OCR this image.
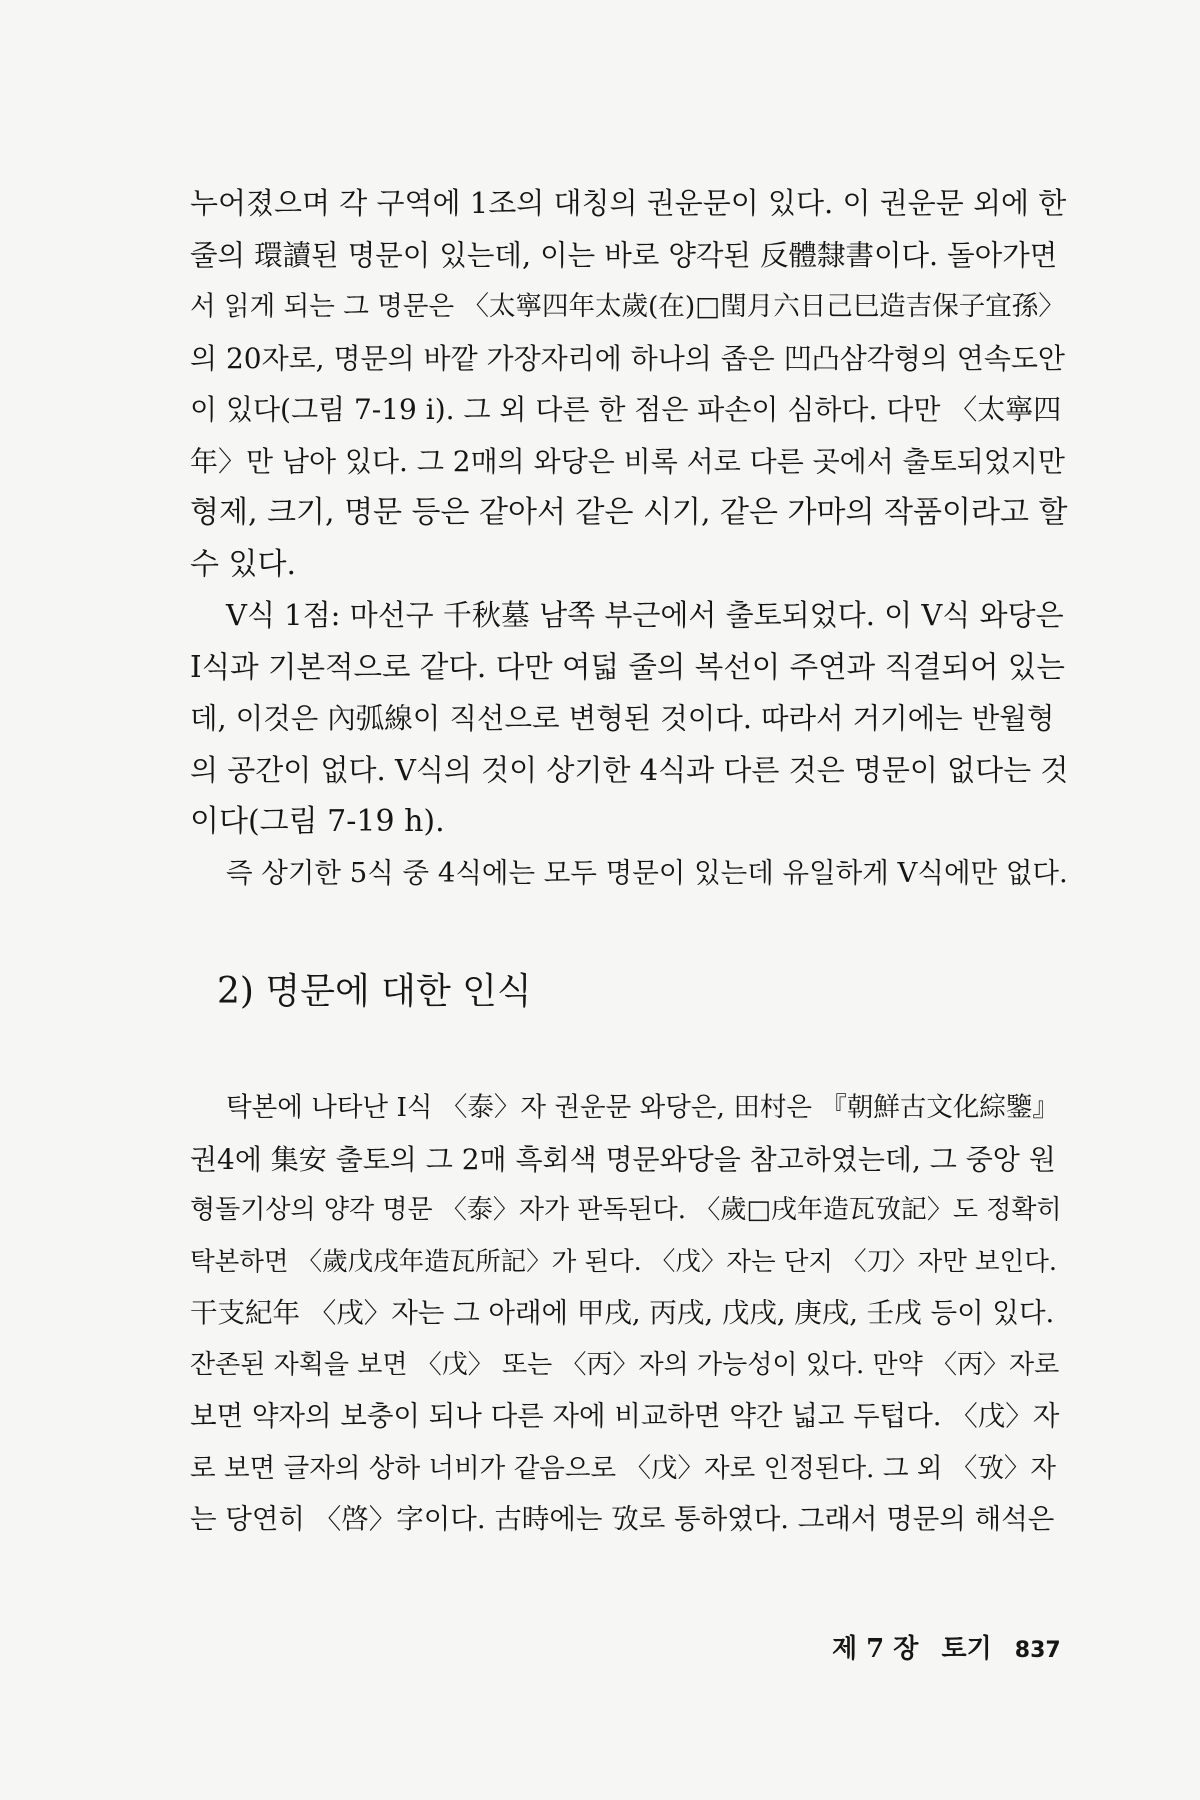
누어졌으며 각 구역에 1조의 대칭의 권운문이 있다. 이 권운문 외에 한
줄의 環讀된 명문이 있는데, 이는 바로 양각된 反體隸書이다. 돌아가면
서 읽게 되는 그 명문은 〈太寧四年太歲(在)□閏月六日己巳造吉保子宜孫〉
의 20자로, 명문의 바깥 가장자리에 하나의 좁은 凹凸삼각형의 연속도안
이 있다(그림 7-19 i). 그 외 다른 한 점은 파손이 심하다. 다만 〈太寧四
年〉만 남아 있다. 그 2매의 와당은 비록 서로 다른 곳에서 출토되었지만
형제, 크기, 명문 등은 같아서 같은 시기, 같은 가마의 작품이라고 할
수 있다.

Ⅴ식 1점: 마선구 千秋墓 남쪽 부근에서 출토되었다. 이 Ⅴ식 와당은
Ⅰ식과 기본적으로 같다. 다만 여덟 줄의 복선이 주연과 직결되어 있는
데, 이것은 內弧線이 직선으로 변형된 것이다. 따라서 거기에는 반월형
의 공간이 없다. Ⅴ식의 것이 상기한 4식과 다른 것은 명문이 없다는 것
이다(그림 7-19 h).

즉 상기한 5식 중 4식에는 모두 명문이 있는데 유일하게 Ⅴ식에만 없다.

2) 명문에 대한 인식

탁본에 나타난 Ⅰ식 〈泰〉자 권운문 와당은, 田村은 『朝鮮古文化綜鑒』
권4에 集安 출토의 그 2매 흑회색 명문와당을 참고하였는데, 그 중앙 원
형돌기상의 양각 명문 〈泰〉자가 판독된다. 〈歲□戌年造瓦攷記〉도 정확히
탁본하면 〈歲戊戌年造瓦所記〉가 된다. 〈戊〉자는 단지 〈刀〉자만 보인다.
干支紀年 〈戌〉자는 그 아래에 甲戌, 丙戌, 戊戌, 庚戌, 壬戌 등이 있다.
잔존된 자획을 보면 〈戊〉 또는 〈丙〉자의 가능성이 있다. 만약 〈丙〉자로
보면 약자의 보충이 되나 다른 자에 비교하면 약간 넓고 두텁다. 〈戊〉자
로 보면 글자의 상하 너비가 같음으로 〈戊〉자로 인정된다. 그 외 〈攷〉자
는 당연히 〈啓〉字이다. 古時에는 攷로 통하였다. 그래서 명문의 해석은

제 7 장 토기 837
